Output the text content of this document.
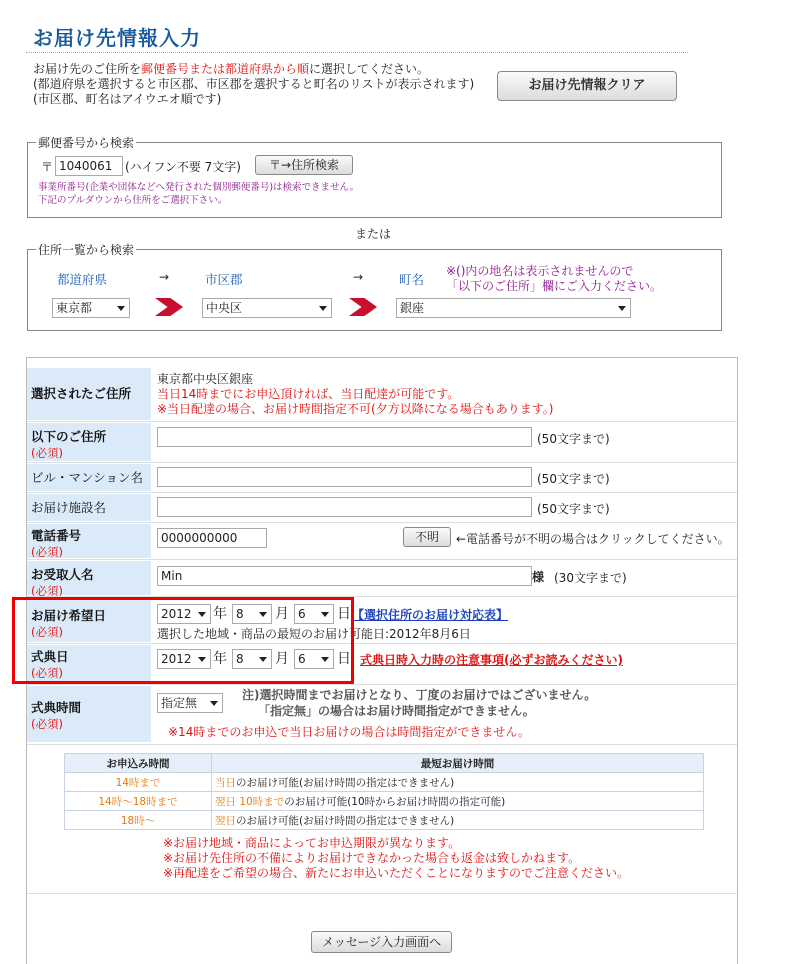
お届け先情報入力
お届け先のご住所を郵便番号または都道府県から順に選択してください。
(都道府県を選択すると市区郡、市区郡を選択すると町名のリストが表示されます)
(市区郡、町名はアイウエオ順です)
お届け先情報クリア
郵便番号から検索
〒 1040061	(ハイフン不要 7文字)	〒→住所検索
事業所番号(企業や団体などへ発行された個別郵便番号)は検索できません。
下記のプルダウンから住所をご選択下さい。
または
住所一覧から検索
都道府県	→	市区郡	→	町名
※()内の地名は表示されませんので
「以下のご住所」欄にご入力ください。
東京都	中央区	銀座
選択されたご住所
東京都中央区銀座
当日14時までにお申込頂ければ、当日配達が可能です。
※当日配達の場合、お届け時間指定不可(夕方以降になる場合もあります。)
以下のご住所
(必須)
(50文字まで)
ビル・マンション名	(50文字まで)
お届け施設名	(50文字まで)
電話番号
(必須)
0000000000	不明	←電話番号が不明の場合はクリックしてください。
お受取人名
(必須)
Min	様 (30文字まで)
お届け希望日
(必須)
2012	年 8	月 6	日 【選択住所のお届け対応表】
選択した地域・商品の最短のお届け可能日:2012年8月6日
式典日
(必須)
2012	年 8	月 6	日 式典日時入力時の注意事項(必ずお読みください)
式典時間
(必須)
指定無
注)選択時間までお届けとなり、丁度のお届けではございません。
「指定無」の場合はお届け時間指定ができません。
※14時までのお申込で当日お届けの場合は時間指定ができません。
お申込み時間	最短お届け時間
14時まで	当日のお届け可能(お届け時間の指定はできません)
14時〜18時まで	翌日 10時までのお届け可能(10時からお届け時間の指定可能)
18時〜	翌日のお届け可能(お届け時間の指定はできません)
※お届け地域・商品によってお申込期限が異なります。
※お届け先住所の不備によりお届けできなかった場合も返金は致しかねます。
※再配達をご希望の場合、新たにお申込いただくことになりますのでご注意ください。
メッセージ入力画面へ
